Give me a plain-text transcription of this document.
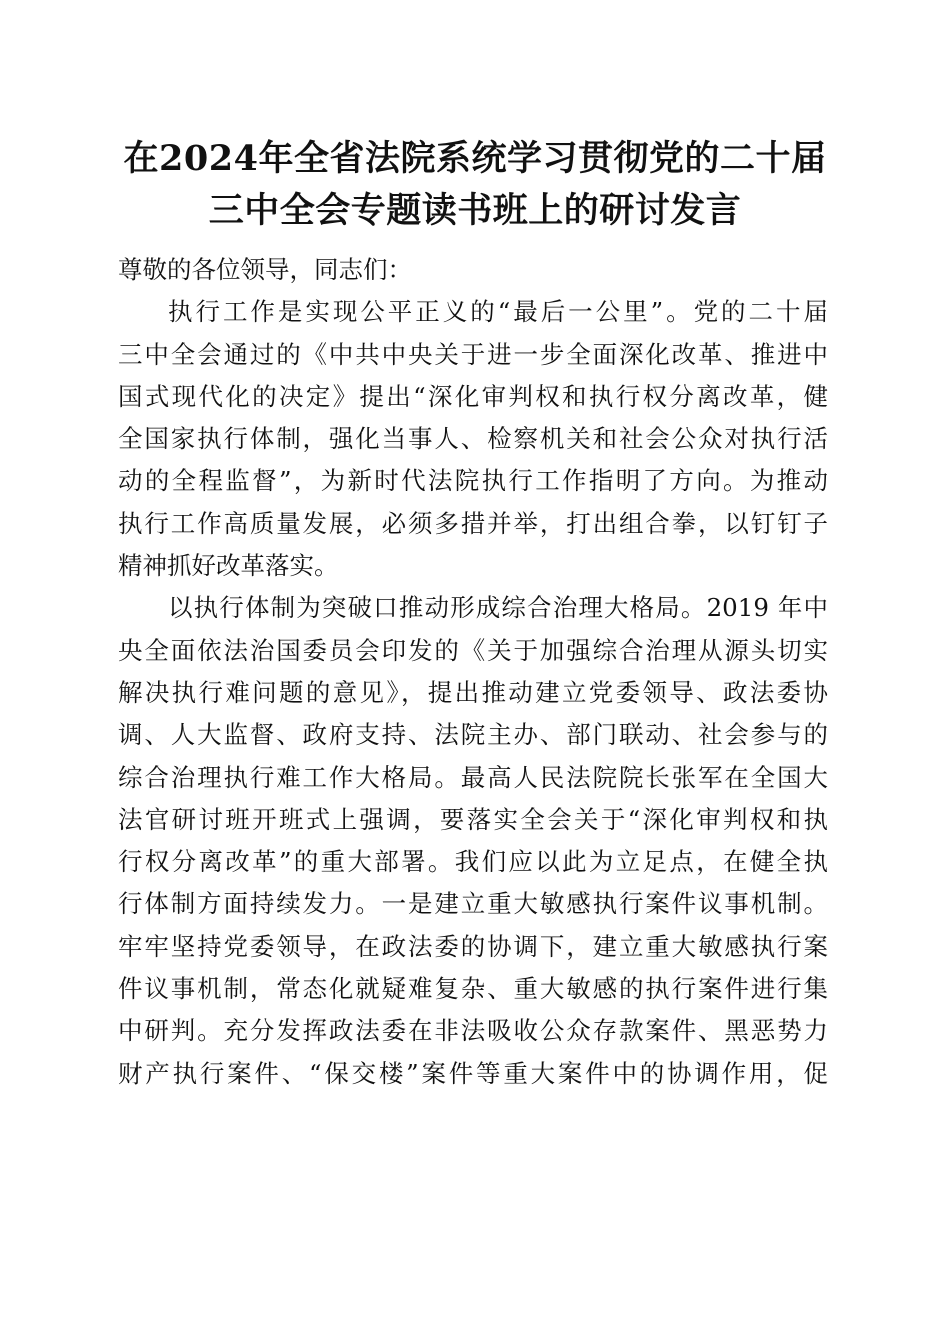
在2024年全省法院系统学习贯彻党的二十届
三中全会专题读书班上的研讨发言
尊敬的各位领导，同志们：
执行工作是实现公平正义的“最后一公里”。党的二十届
三中全会通过的《中共中央关于进一步全面深化改革、推进中
国式现代化的决定》提出“深化审判权和执行权分离改革，健
全国家执行体制，强化当事人、检察机关和社会公众对执行活
动的全程监督”，为新时代法院执行工作指明了方向。为推动
执行工作高质量发展，必须多措并举，打出组合拳，以钉钉子
精神抓好改革落实。
以执行体制为突破口推动形成综合治理大格局。2019 年中
央全面依法治国委员会印发的《关于加强综合治理从源头切实
解决执行难问题的意见》，提出推动建立党委领导、政法委协
调、人大监督、政府支持、法院主办、部门联动、社会参与的
综合治理执行难工作大格局。最高人民法院院长张军在全国大
法官研讨班开班式上强调，要落实全会关于“深化审判权和执
行权分离改革”的重大部署。我们应以此为立足点，在健全执
行体制方面持续发力。一是建立重大敏感执行案件议事机制。
牢牢坚持党委领导，在政法委的协调下，建立重大敏感执行案
件议事机制，常态化就疑难复杂、重大敏感的执行案件进行集
中研判。充分发挥政法委在非法吸收公众存款案件、黑恶势力
财产执行案件、“保交楼”案件等重大案件中的协调作用，促
